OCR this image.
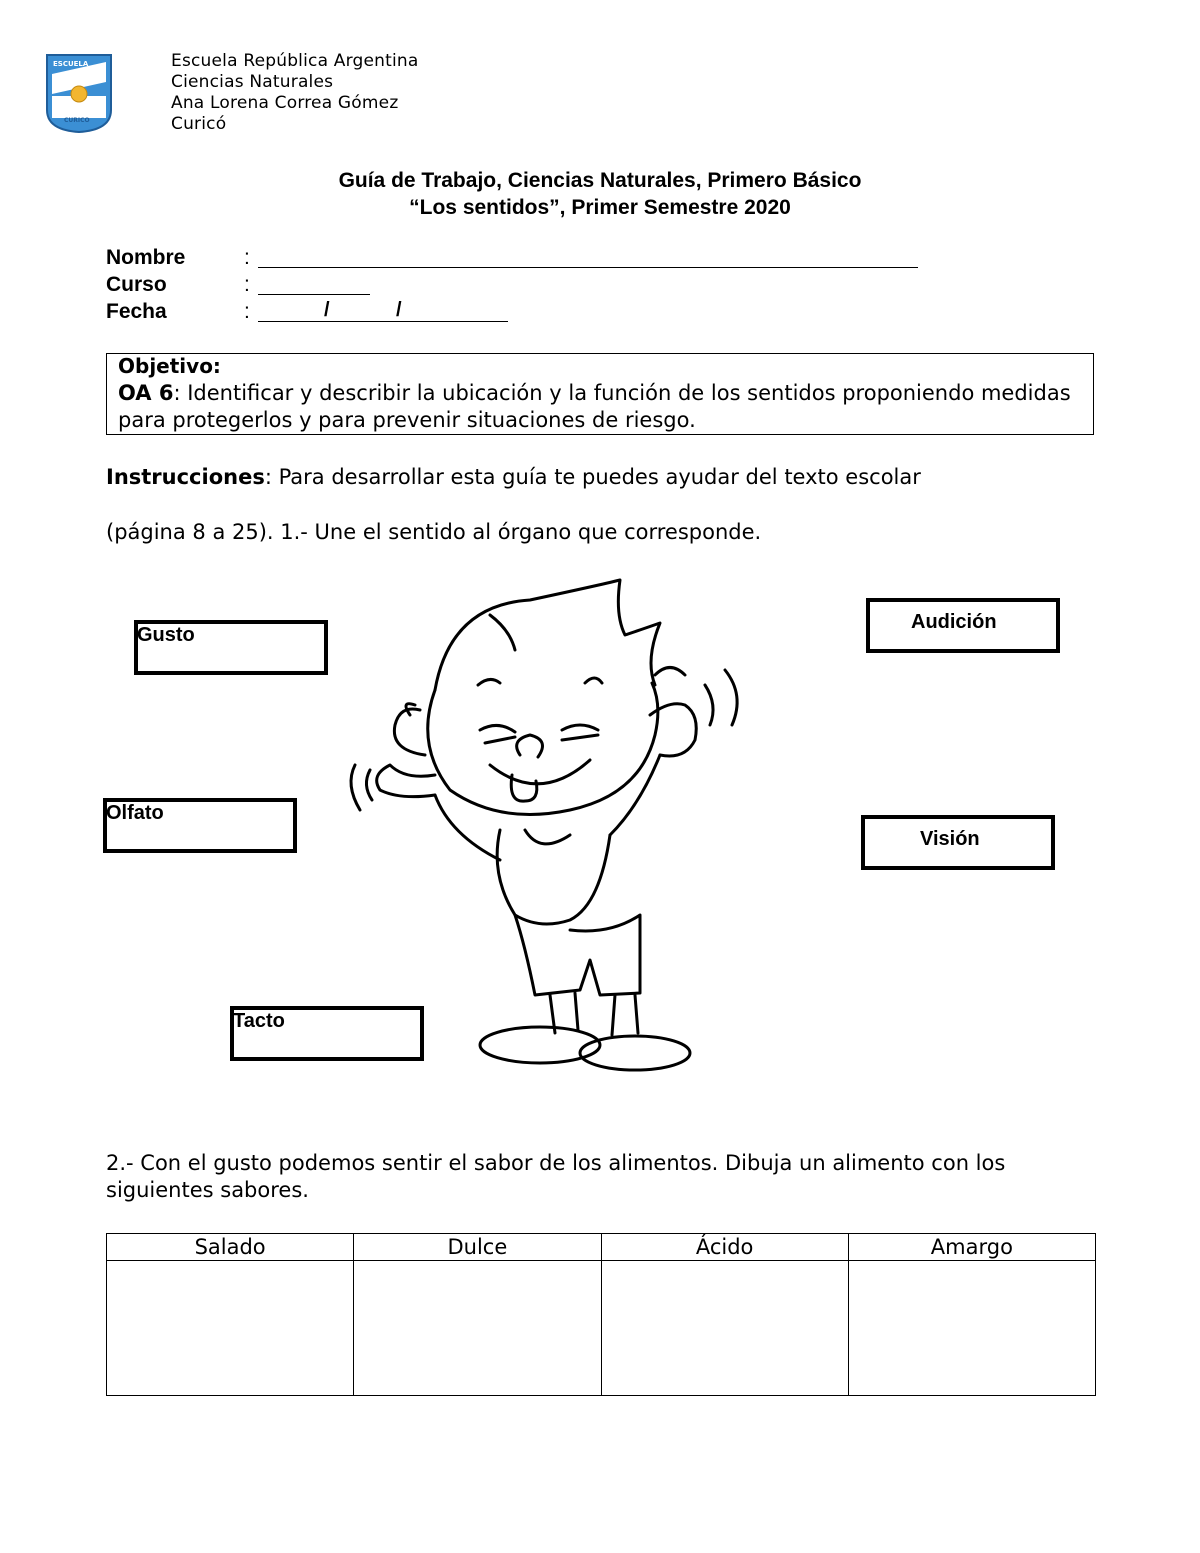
ESCUELA
CURICO
Escuela República Argentina
Ciencias Naturales
Ana Lorena Correa Gómez
Curicó
Guía de Trabajo, Ciencias Naturales, Primero Básico
“Los sentidos”, Primer Semestre 2020
Nombre	:
Curso	:
Fecha	:	/	/
Objetivo:
OA 6: Identificar y describir la ubicación y la función de los sentidos proponiendo medidas para protegerlos y para prevenir situaciones de riesgo.
Instrucciones: Para desarrollar esta guía te puedes ayudar del texto escolar
(página 8 a 25). 1.- Une el sentido al órgano que corresponde.
Gusto
Olfato
Tacto
Audición
Visión
2.- Con el gusto podemos sentir el sabor de los alimentos. Dibuja un alimento con los siguientes sabores.
Salado	Dulce	Ácido	Amargo
